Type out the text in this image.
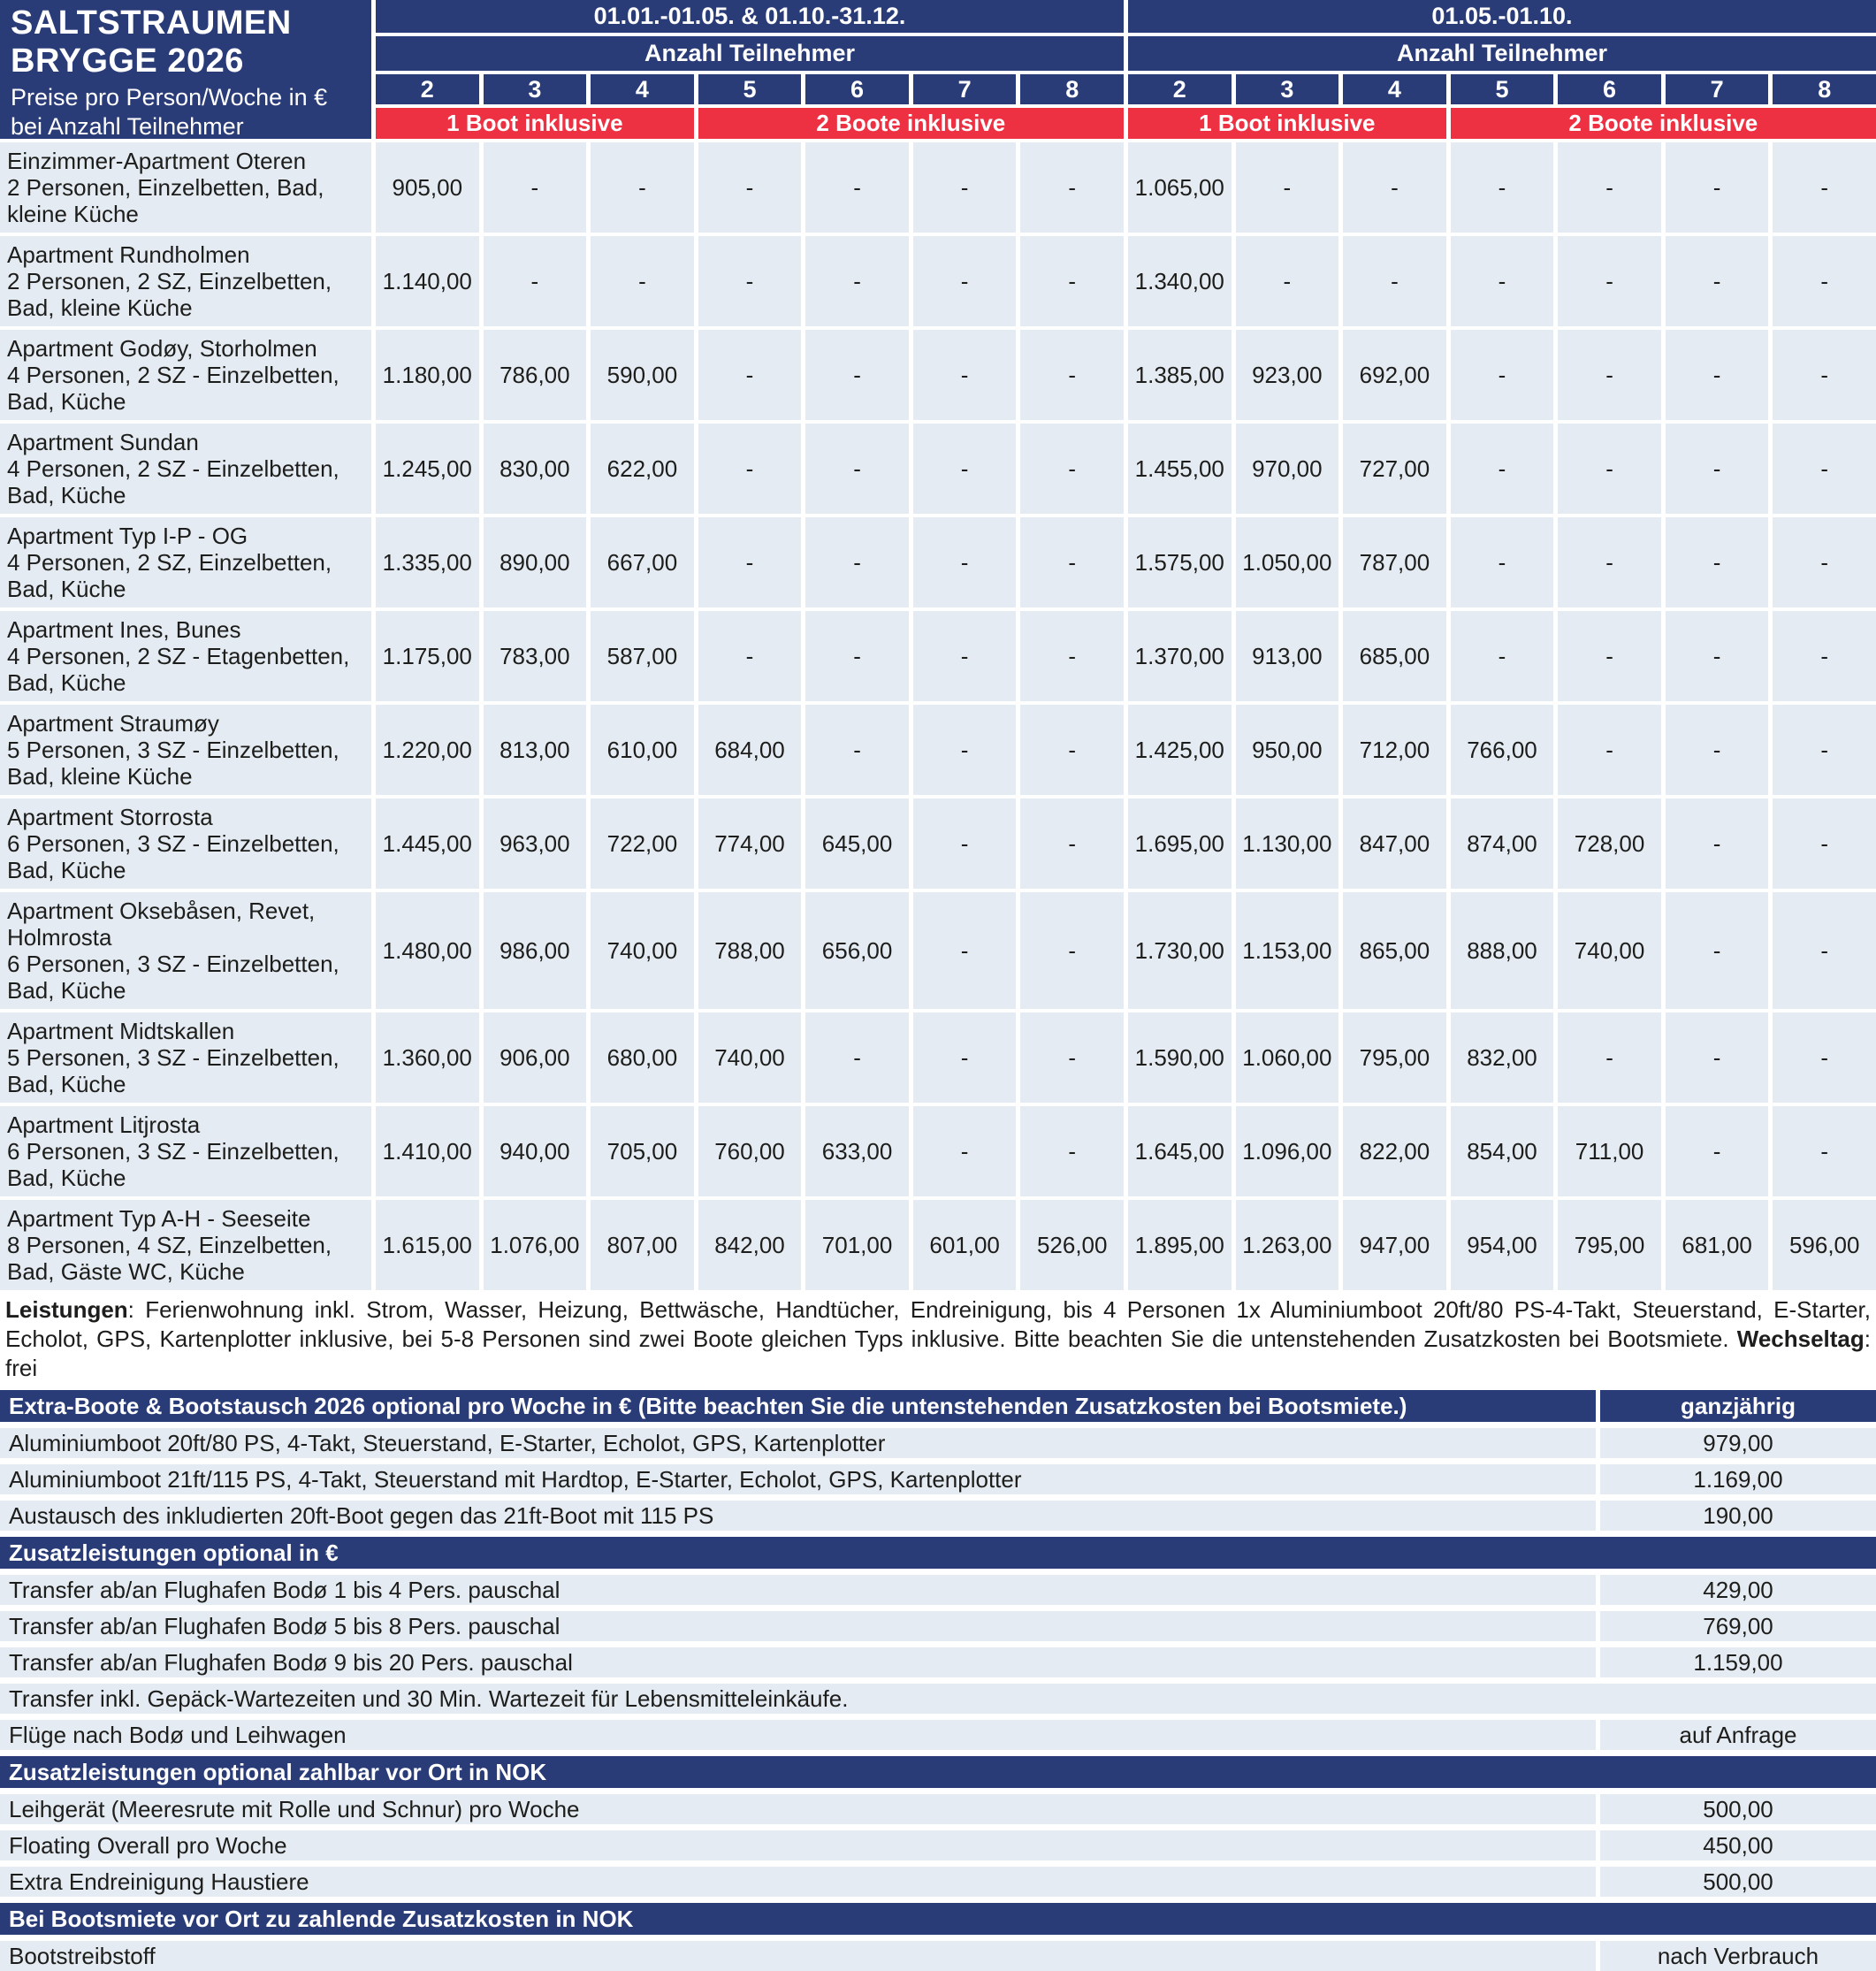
SALTSTRAUMEN
BRYGGE 2026
Preise pro Person/Woche in € bei Anzahl Teilnehmer
01.01.-01.05. & 01.10.-31.12.	01.05.-01.10.
Anzahl Teilnehmer	Anzahl Teilnehmer
2	3	4	5	6	7	8	2	3	4	5	6	7	8
1 Boot inklusive	2 Boote inklusive	1 Boot inklusive	2 Boote inklusive
Einzimmer-Apartment Oteren
2 Personen, Einzelbetten, Bad, kleine Küche
905,00	-	-	-	-	-	-	1.065,00	-	-	-	-	-	-
Apartment Rundholmen
2 Personen, 2 SZ, Einzelbetten, Bad, kleine Küche
1.140,00	-	-	-	-	-	-	1.340,00	-	-	-	-	-	-
Apartment Godøy, Storholmen
4 Personen, 2 SZ - Einzelbetten, Bad, Küche
1.180,00	786,00	590,00	-	-	-	-	1.385,00	923,00	692,00	-	-	-	-
Apartment Sundan
4 Personen, 2 SZ - Einzelbetten, Bad, Küche
1.245,00	830,00	622,00	-	-	-	-	1.455,00	970,00	727,00	-	-	-	-
Apartment Typ I-P - OG
4 Personen, 2 SZ, Einzelbetten, Bad, Küche
1.335,00	890,00	667,00	-	-	-	-	1.575,00 1.050,00	787,00	-	-	-	-
Apartment Ines, Bunes
4 Personen, 2 SZ - Etagenbetten, Bad, Küche
1.175,00	783,00	587,00	-	-	-	-	1.370,00	913,00	685,00	-	-	-	-
Apartment Straumøy
5 Personen, 3 SZ - Einzelbetten, Bad, kleine Küche
1.220,00	813,00	610,00	684,00	-	-	-	1.425,00	950,00	712,00	766,00	-	-	-
Apartment Storrosta
6 Personen, 3 SZ - Einzelbetten, Bad, Küche
1.445,00	963,00	722,00	774,00	645,00	-	-	1.695,00 1.130,00	847,00	874,00	728,00	-	-
Apartment Oksebåsen, Revet, Holmrosta
6 Personen, 3 SZ - Einzelbetten, Bad, Küche
1.480,00	986,00	740,00	788,00	656,00	-	-	1.730,00 1.153,00	865,00	888,00	740,00	-	-
Apartment Midtskallen
5 Personen, 3 SZ - Einzelbetten, Bad, Küche
1.360,00	906,00	680,00	740,00	-	-	-	1.590,00 1.060,00	795,00	832,00	-	-	-
Apartment Litjrosta
6 Personen, 3 SZ - Einzelbetten, Bad, Küche
1.410,00	940,00	705,00	760,00	633,00	-	-	1.645,00 1.096,00	822,00	854,00	711,00	-	-
Apartment Typ A-H - Seeseite
8 Personen, 4 SZ, Einzelbetten, Bad, Gäste WC, Küche
1.615,00 1.076,00	807,00	842,00	701,00	601,00	526,00	1.895,00 1.263,00	947,00	954,00	795,00	681,00	596,00

Leistungen: Ferienwohnung inkl. Strom, Wasser, Heizung, Bettwäsche, Handtücher, Endreinigung, bis 4 Personen 1x Aluminiumboot 20ft/80 PS-4-Takt, Steuerstand, E-Starter, Echolot, GPS, Kartenplotter inklusive, bei 5-8 Personen sind zwei Boote gleichen Typs inklusive. Bitte beachten Sie die untenstehenden Zusatzkosten bei Bootsmiete. Wechseltag: frei

Extra-Boote & Bootstausch 2026 optional pro Woche in € (Bitte beachten Sie die untenstehenden Zusatzkosten bei Bootsmiete.)	ganzjährig
Aluminiumboot 20ft/80 PS, 4-Takt, Steuerstand, E-Starter, Echolot, GPS, Kartenplotter	979,00
Aluminiumboot 21ft/115 PS, 4-Takt, Steuerstand mit Hardtop, E-Starter, Echolot, GPS, Kartenplotter	1.169,00
Austausch des inkludierten 20ft-Boot gegen das 21ft-Boot mit 115 PS	190,00
Zusatzleistungen optional in €
Transfer ab/an Flughafen Bodø 1 bis 4 Pers. pauschal	429,00
Transfer ab/an Flughafen Bodø 5 bis 8 Pers. pauschal	769,00
Transfer ab/an Flughafen Bodø 9 bis 20 Pers. pauschal	1.159,00
Transfer inkl. Gepäck-Wartezeiten und 30 Min. Wartezeit für Lebensmitteleinkäufe.
Flüge nach Bodø und Leihwagen	auf Anfrage
Zusatzleistungen optional zahlbar vor Ort in NOK
Leihgerät (Meeresrute mit Rolle und Schnur) pro Woche	500,00
Floating Overall pro Woche	450,00
Extra Endreinigung Haustiere	500,00
Bei Bootsmiete vor Ort zu zahlende Zusatzkosten in NOK
Bootstreibstoff	nach Verbrauch
